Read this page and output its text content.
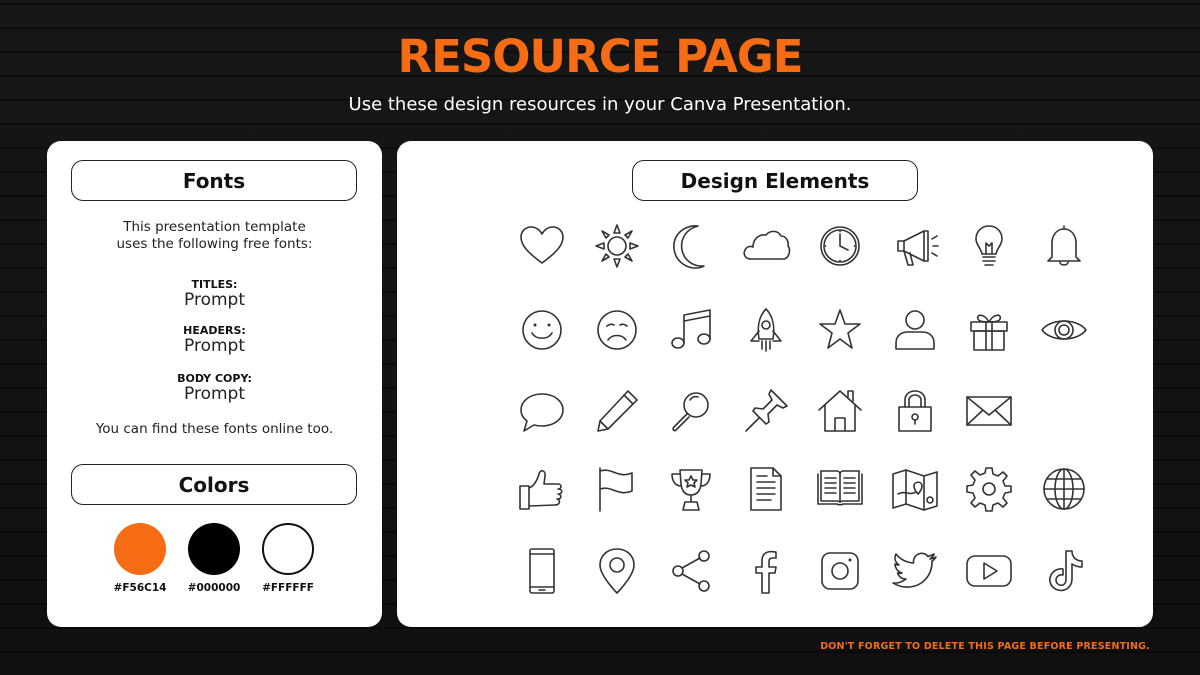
RESOURCE PAGE
Use these design resources in your Canva Presentation.
Fonts
This presentation template
uses the following free fonts:
TITLES:
Prompt
HEADERS:
Prompt
BODY COPY:
Prompt
You can find these fonts online too.
Colors
#F56C14	#000000	#FFFFFF
Design Elements
DON'T FORGET TO DELETE THIS PAGE BEFORE PRESENTING.
